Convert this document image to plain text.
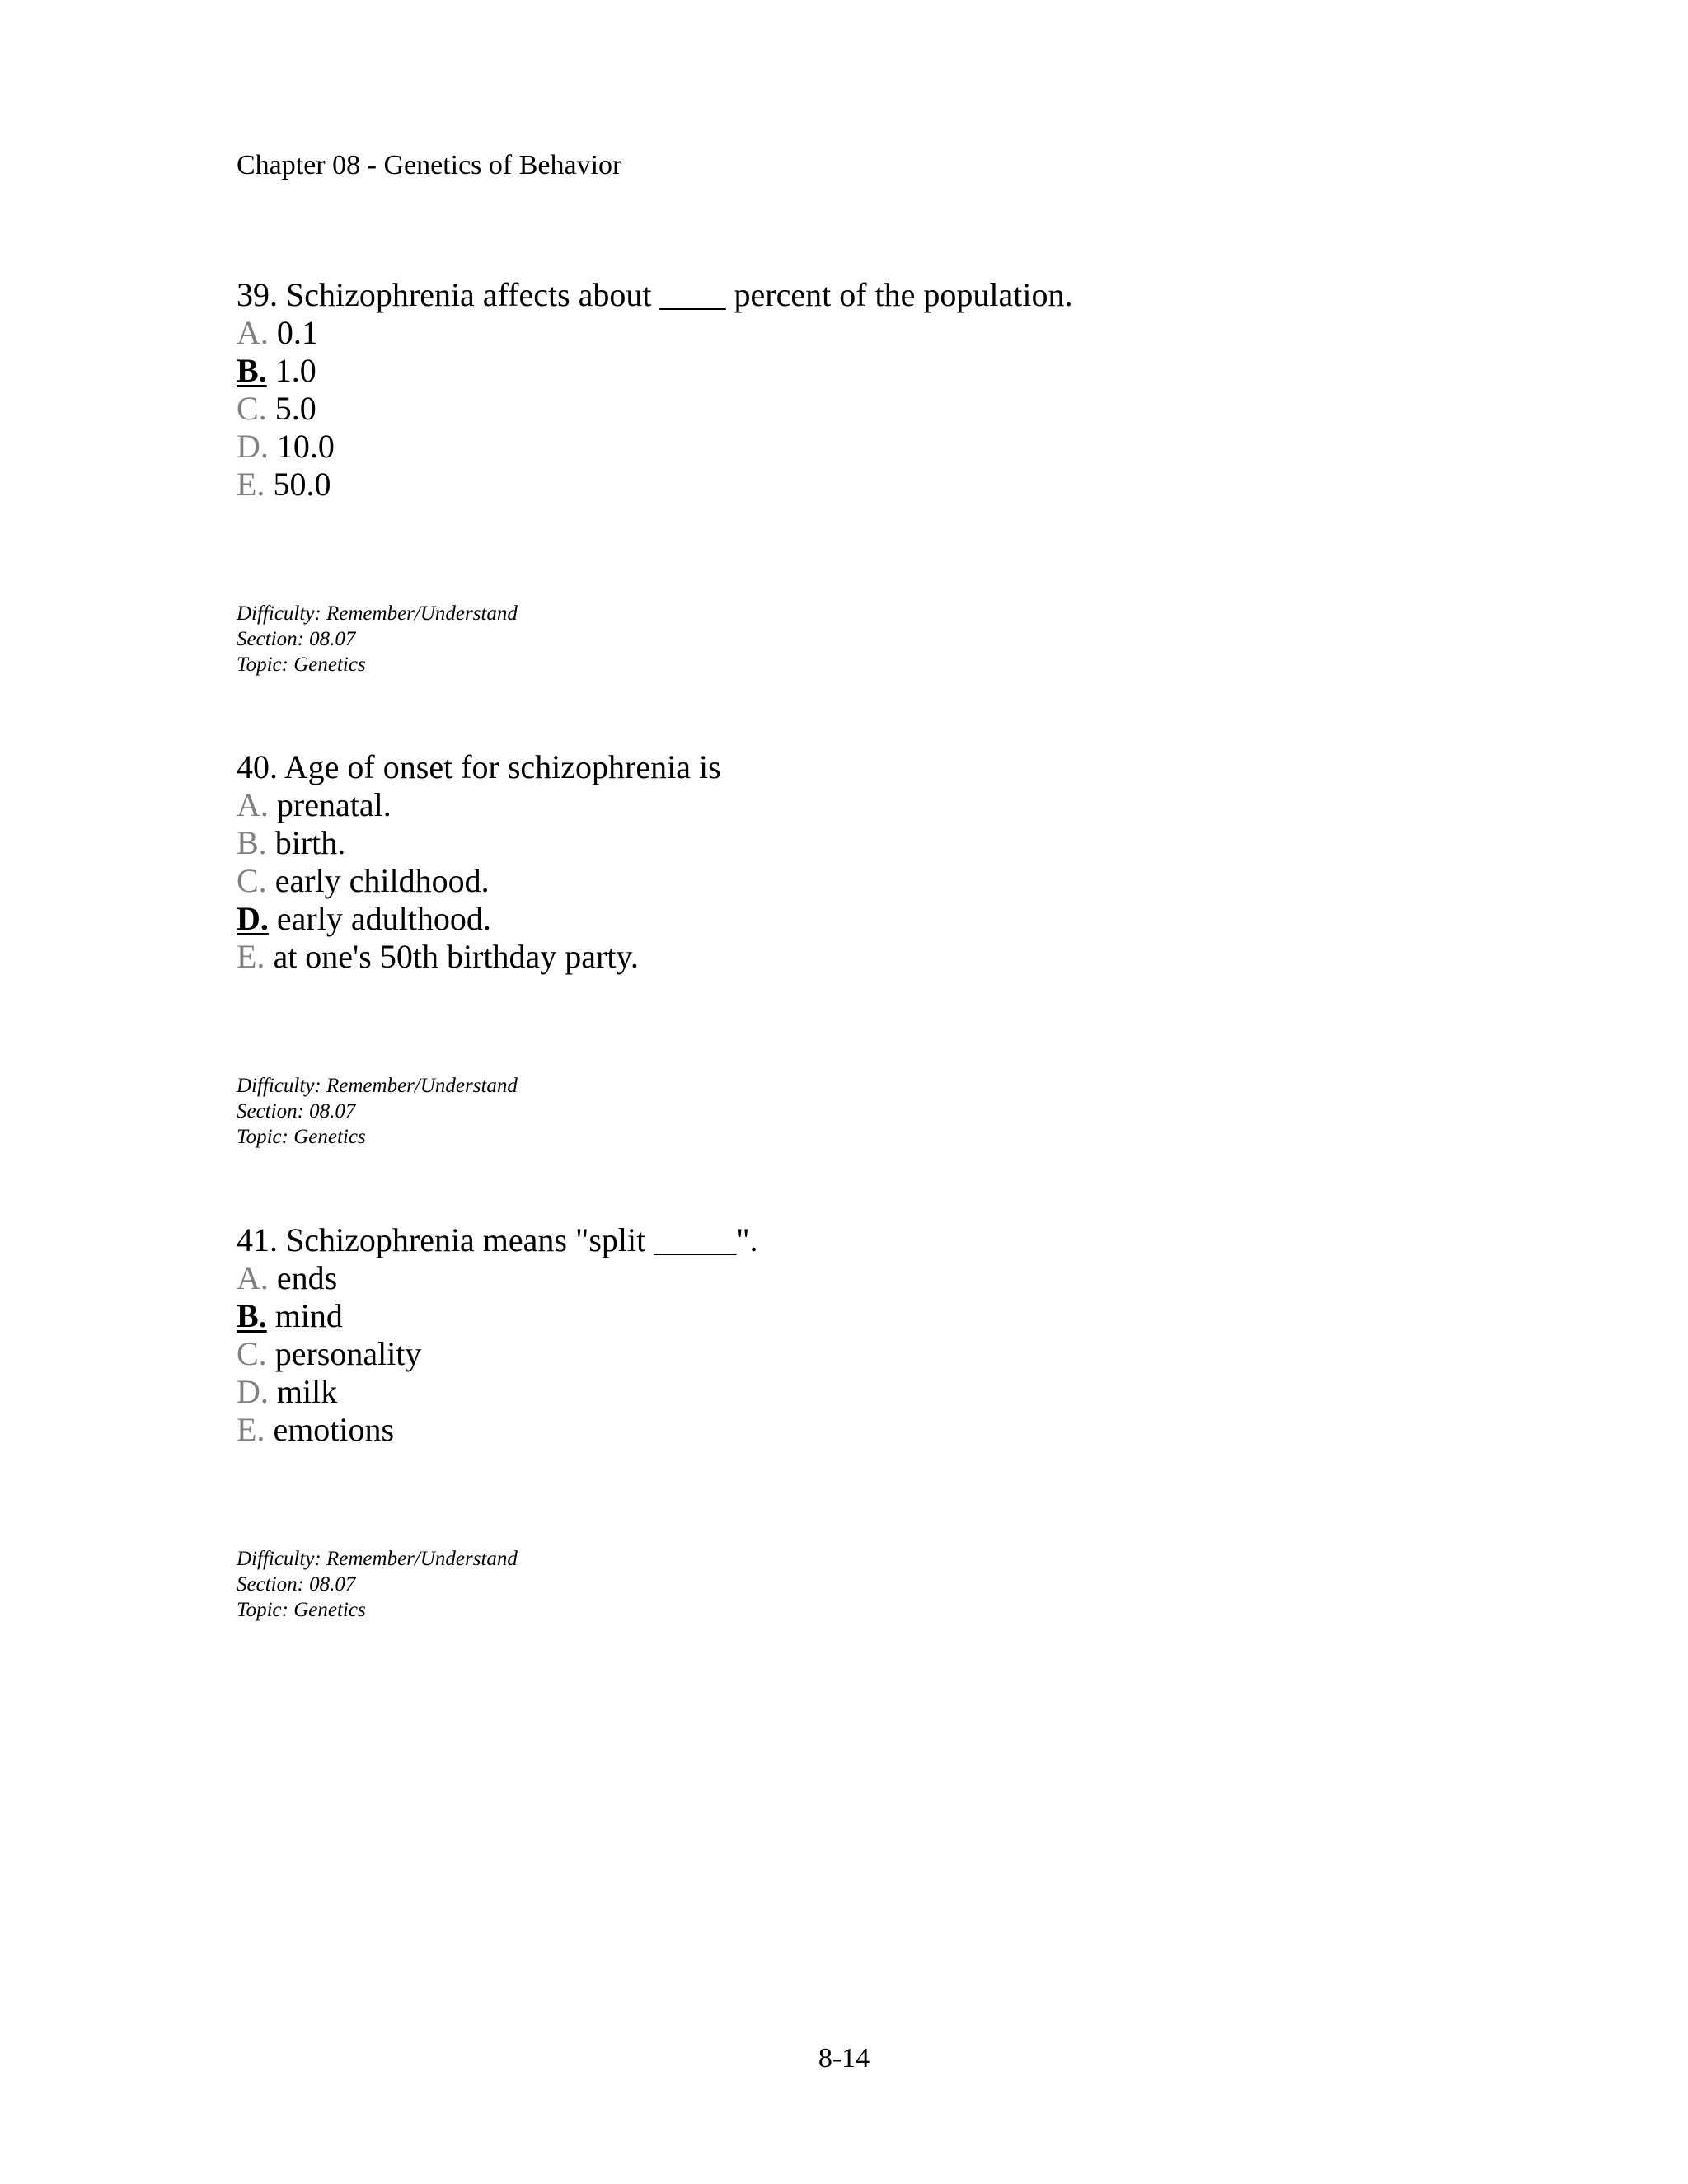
Chapter 08 - Genetics of Behavior
39. Schizophrenia affects about ____ percent of the population.
A. 0.1
B. 1.0
C. 5.0
D. 10.0
E. 50.0
Difficulty: Remember/Understand
Section: 08.07
Topic: Genetics
40. Age of onset for schizophrenia is
A. prenatal.
B. birth.
C. early childhood.
D. early adulthood.
E. at one's 50th birthday party.
Difficulty: Remember/Understand
Section: 08.07
Topic: Genetics
41. Schizophrenia means "split _____".
A. ends
B. mind
C. personality
D. milk
E. emotions
Difficulty: Remember/Understand
Section: 08.07
Topic: Genetics
8-14
